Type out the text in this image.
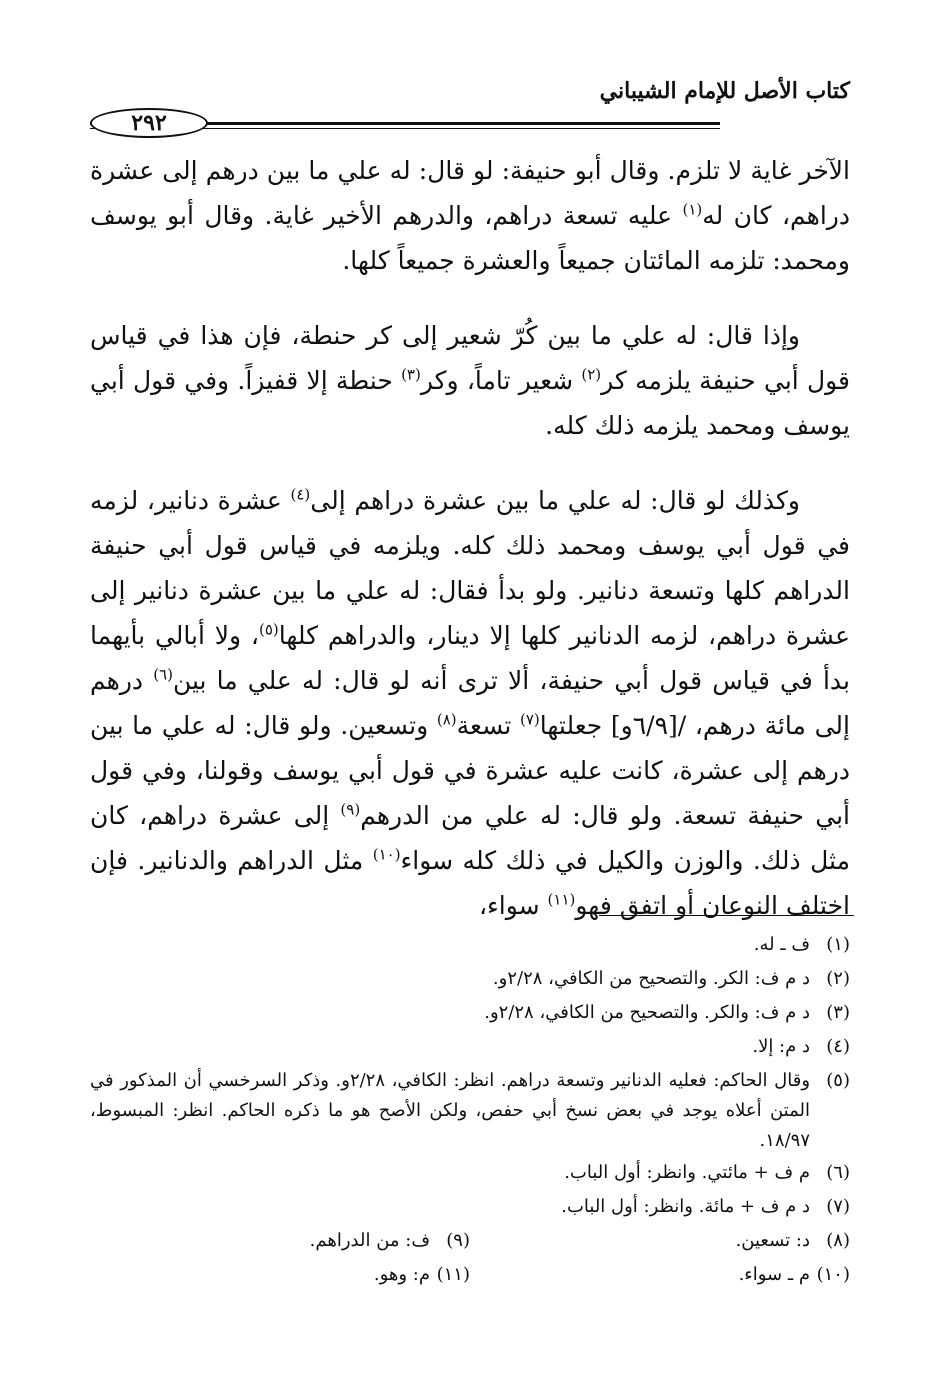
كتاب الأصل للإمام الشيباني
٢٩٢

الآخر غاية لا تلزم. وقال أبو حنيفة: لو قال: له علي ما بين درهم إلى عشرة دراهم، كان له$^{(١)}$ عليه تسعة دراهم، والدرهم الأخير غاية. وقال أبو يوسف ومحمد: تلزمه المائتان جميعاً والعشرة جميعاً كلها.

وإذا قال: له علي ما بين كُرّ شعير إلى كر حنطة، فإن هذا في قياس قول أبي حنيفة يلزمه كر$^{(٢)}$ شعير تاماً، وكر$^{(٣)}$ حنطة إلا قفيزاً. وفي قول أبي يوسف ومحمد يلزمه ذلك كله.

وكذلك لو قال: له علي ما بين عشرة دراهم إلى$^{(٤)}$ عشرة دنانير، لزمه في قول أبي يوسف ومحمد ذلك كله. ويلزمه في قياس قول أبي حنيفة الدراهم كلها وتسعة دنانير. ولو بدأ فقال: له علي ما بين عشرة دنانير إلى عشرة دراهم، لزمه الدنانير كلها إلا دينار، والدراهم كلها$^{(٥)}$، ولا أبالي بأيهما بدأ في قياس قول أبي حنيفة، ألا ترى أنه لو قال: له علي ما بين$^{(٦)}$ درهم إلى مائة درهم، /[٦/٩و] جعلتها$^{(٧)}$ تسعة$^{(٨)}$ وتسعين. ولو قال: له علي ما بين درهم إلى عشرة، كانت عليه عشرة في قول أبي يوسف وقولنا، وفي قول أبي حنيفة تسعة. ولو قال: له علي من الدرهم$^{(٩)}$ إلى عشرة دراهم، كان مثل ذلك. والوزن والكيل في ذلك كله سواء$^{(١٠)}$ مثل الدراهم والدنانير. فإن اختلف النوعان أو اتفق فهو$^{(١١)}$ سواء،

(١)
ف ـ له.
(٢)
د م ف: الكر. والتصحيح من الكافي، ٢/٢٨و.
(٣)
د م ف: والكر. والتصحيح من الكافي، ٢/٢٨و.
(٤)
د م: إلا.
(٥)
وقال الحاكم: فعليه الدنانير وتسعة دراهم. انظر: الكافي، ٢/٢٨و. وذكر السرخسي أن المذكور في المتن أعلاه يوجد في بعض نسخ أبي حفص، ولكن الأصح هو ما ذكره الحاكم. انظر: المبسوط، ١٨/٩٧.
(٦)
م ف + مائتي. وانظر: أول الباب.
(٧)
د م ف + مائة. وانظر: أول الباب.
(٨)
د: تسعين.
(٩)
ف: من الدراهم.
(١٠)
م ـ سواء.
(١١)
م: وهو.
